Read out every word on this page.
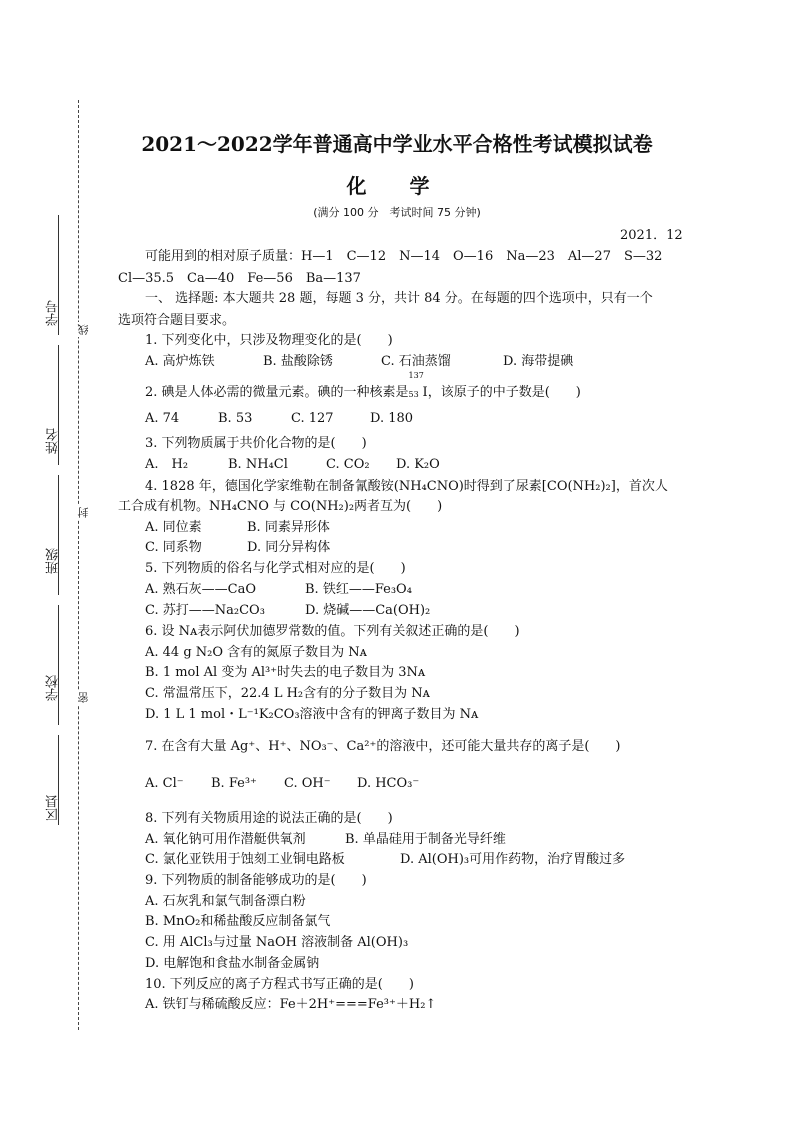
学号
姓名
班级
学校
区县
线
封
密
2021～2022学年普通高中学业水平合格性考试模拟试卷
化 学
(满分 100 分　考试时间 75 分钟)
2021．12
可能用到的相对原子质量：H—1　C—12　N—14　O—16　Na—23　Al—27　S—32
Cl—35.5　Ca—40　Fe—56　Ba—137
一、 选择题: 本大题共 28 题，每题 3 分，共计 84 分。在每题的四个选项中，只有一个
选项符合题目要求。
1. 下列变化中，只涉及物理变化的是(　　)
A. 高炉炼铁	B. 盐酸除锈	C. 石油蒸馏	D. 海带提碘
2. 碘是人体必需的微量元素。碘的一种核素是
137
53 I，该原子的中子数是(　　)
A. 74	B. 53	C. 127	D. 180
3. 下列物质属于共价化合物的是(　　)
A.　H₂	B. NH₄Cl	C. CO₂ D. K₂O
4. 1828 年，德国化学家维勒在制备氰酸铵(NH₄CNO)时得到了尿素[CO(NH₂)₂]，首次人
工合成有机物。NH₄CNO 与 CO(NH₂)₂两者互为(　　)
A. 同位素	B. 同素异形体
C. 同系物	D. 同分异构体
5. 下列物质的俗名与化学式相对应的是(　　)
A. 熟石灰——CaO	B. 铁红——Fe₃O₄
C. 苏打——Na₂CO₃	D. 烧碱——Ca(OH)₂
6. 设 Nᴀ表示阿伏加德罗常数的值。下列有关叙述正确的是(　　)
A. 44 g N₂O 含有的氮原子数目为 Nᴀ
B. 1 mol Al 变为 Al³⁺时失去的电子数目为 3Nᴀ
C. 常温常压下，22.4 L H₂含有的分子数目为 Nᴀ
D. 1 L 1 mol・L⁻¹K₂CO₃溶液中含有的钾离子数目为 Nᴀ
7. 在含有大量 Ag⁺、H⁺、NO₃⁻、Ca²⁺的溶液中，还可能大量共存的离子是(　　)
A. Cl⁻ B. Fe³⁺ C. OH⁻ D. HCO₃⁻
8. 下列有关物质用途的说法正确的是(　　)
A. 氧化钠可用作潜艇供氧剂	B. 单晶硅用于制备光导纤维
C. 氯化亚铁用于蚀刻工业铜电路板	D. Al(OH)₃可用作药物，治疗胃酸过多
9. 下列物质的制备能够成功的是(　　)
A. 石灰乳和氯气制备漂白粉
B. MnO₂和稀盐酸反应制备氯气
C. 用 AlCl₃与过量 NaOH 溶液制备 Al(OH)₃
D. 电解饱和食盐水制备金属钠
10. 下列反应的离子方程式书写正确的是(　　)
A. 铁钉与稀硫酸反应：Fe＋2H⁺===Fe³⁺＋H₂↑
